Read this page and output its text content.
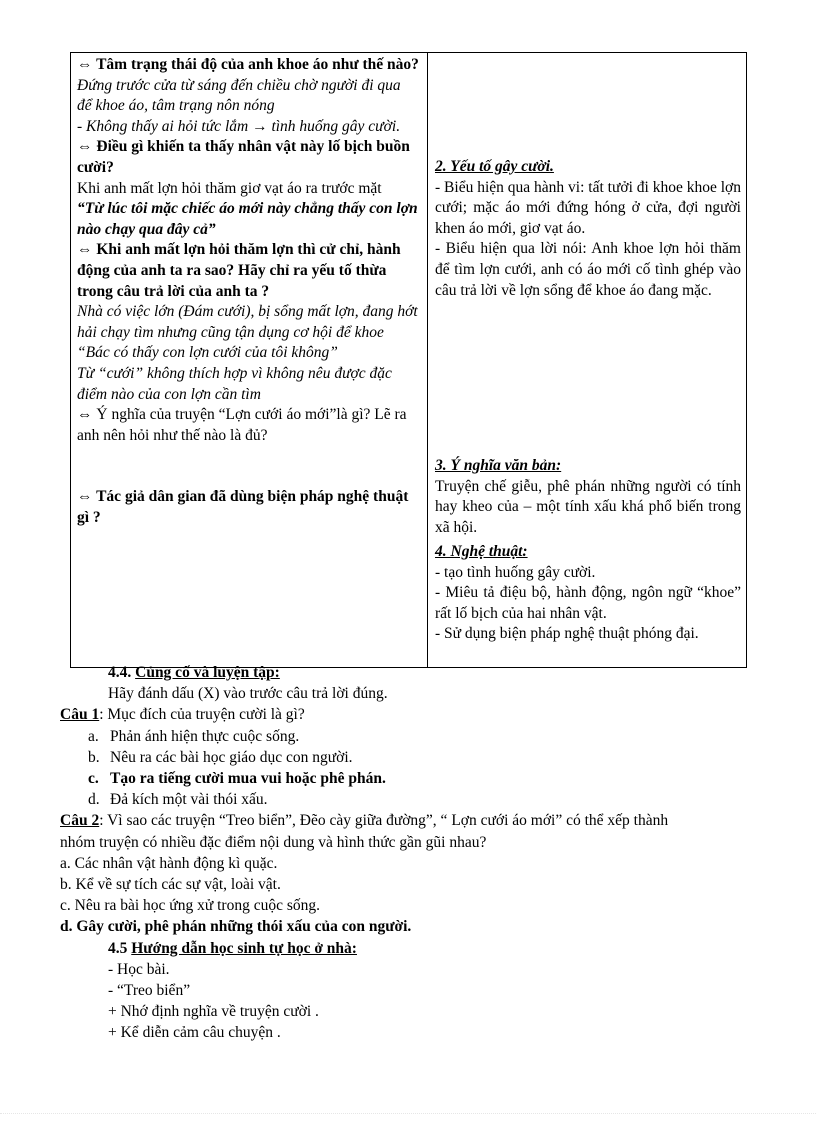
⇔ Tâm trạng thái độ của anh khoe áo như thế nào?
Đứng trước cửa từ sáng đến chiều chờ người đi qua để khoe áo, tâm trạng nôn nóng
- Không thấy ai hỏi tức lắm → tình huống gây cười.
⇔ Điều gì khiến ta thấy nhân vật này lố bịch buồn cười?
Khi anh mất lợn hỏi thăm giơ vạt áo ra trước mặt
“Từ lúc tôi mặc chiếc áo mới này chẳng thấy con lợn nào chạy qua đây cả”
⇔ Khi anh mất lợn hỏi thăm lợn thì cử chỉ, hành động của anh ta ra sao? Hãy chỉ ra yếu tố thừa trong câu trả lời của anh ta ?
Nhà có việc lớn (Đám cưới), bị sổng mất lợn, đang hớt hải chạy tìm nhưng cũng tận dụng cơ hội để khoe “Bác có thấy con lợn cưới của tôi không”
Từ “cưới” không thích hợp vì không nêu được đặc điểm nào của con lợn cần tìm
⇔ Ý nghĩa của truyện “Lợn cưới áo mới”là gì? Lẽ ra anh nên hỏi như thế nào là đủ?
⇔ Tác giả dân gian đã dùng biện pháp nghệ thuật gì ?
2. Yếu tố gây cười.
- Biểu hiện qua hành vi: tất tưởi đi khoe khoe lợn cưới; mặc áo mới đứng hóng ở cửa, đợi người khen áo mới, giơ vạt áo.
- Biểu hiện qua lời nói: Anh khoe lợn hỏi thăm để tìm lợn cưới, anh có áo mới cố tình ghép vào câu trả lời về lợn sổng để khoe áo đang mặc.
3. Ý nghĩa văn bản:
Truyện chế giễu, phê phán những người có tính hay kheo của – một tính xấu khá phổ biến trong xã hội.
4. Nghệ thuật:
- tạo tình huống gây cười.
- Miêu tả điệu bộ, hành động, ngôn ngữ “khoe” rất lố bịch của hai nhân vật.
- Sử dụng biện pháp nghệ thuật phóng đại.
4.4. Củng cố và luyện tập:
Hãy đánh dấu (X) vào trước câu trả lời đúng.
Câu 1: Mục đích của truyện cười là gì?
a. Phản ánh hiện thực cuộc sống.
b. Nêu ra các bài học giáo dục con người.
c. Tạo ra tiếng cười mua vui hoặc phê phán.
d. Đả kích một vài thói xấu.
Câu 2: Vì sao các truyện “Treo biển”, Đẽo cày giữa đường”, “ Lợn cưới áo mới” có thể xếp thành
nhóm truyện có nhiều đặc điểm nội dung và hình thức gần gũi nhau?
a. Các nhân vật hành động kì quặc.
b. Kể về sự tích các sự vật, loài vật.
c. Nêu ra bài học ứng xử trong cuộc sống.
d. Gây cười, phê phán những thói xấu của con người.
4.5 Hướng dẫn học sinh tự học ở nhà:
- Học bài.
- “Treo biển”
+ Nhớ định nghĩa về truyện cười .
+ Kể diễn cảm câu chuyện .
